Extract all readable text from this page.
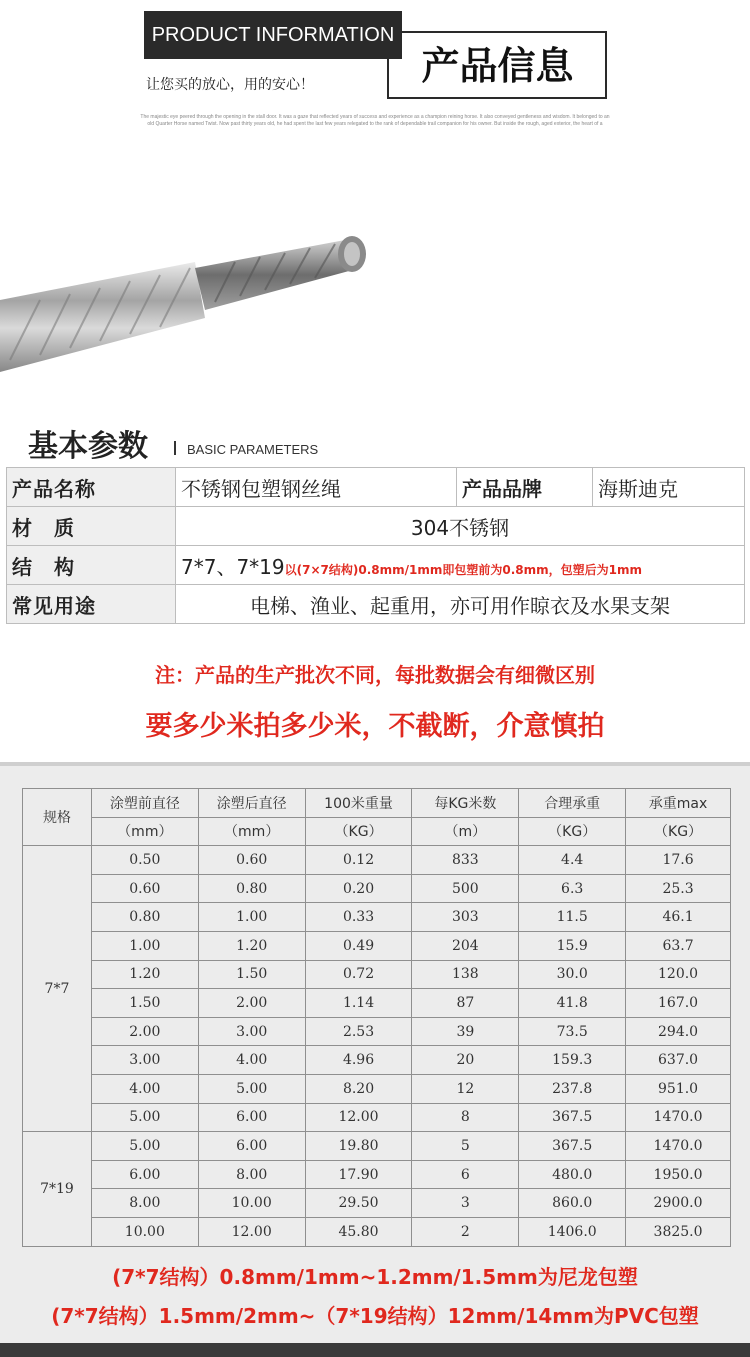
PRODUCT INFORMATION
产品信息
让您买的放心，用的安心！
The majestic eye peered through the opening in the stall door. It was a gaze that reflected years of success and experience as a champion reining horse. It also conveyed gentleness and wisdom. It belonged to an old Quarter Horse named Twist. Now past thirty years old, he had spent the last few years relegated to the rank of dependable trail companion for his owner. But inside the rough, aged exterior, the heart of a
基本参数	BASIC PARAMETERS
产品名称	不锈钢包塑钢丝绳	产品品牌	海斯迪克
材　质	304不锈钢		
结　构	7*7、7*19以(7×7结构)0.8mm/1mm即包塑前为0.8mm，包塑后为1mm		
常见用途	电梯、渔业、起重用，亦可用作晾衣及水果支架		
注：产品的生产批次不同，每批数据会有细微区别
要多少米拍多少米，不截断，介意慎拍
规格	涂塑前直径	涂塑后直径	100米重量	每KG米数	合理承重	承重max
	（mm）	（mm）	（KG）	（m）	（KG）	（KG）
7*7	0.50	0.60	0.12	833	4.4	17.6
	0.60	0.80	0.20	500	6.3	25.3
	0.80	1.00	0.33	303	11.5	46.1
	1.00	1.20	0.49	204	15.9	63.7
	1.20	1.50	0.72	138	30.0	120.0
	1.50	2.00	1.14	87	41.8	167.0
	2.00	3.00	2.53	39	73.5	294.0
	3.00	4.00	4.96	20	159.3	637.0
	4.00	5.00	8.20	12	237.8	951.0
	5.00	6.00	12.00	8	367.5	1470.0
7*19	5.00	6.00	19.80	5	367.5	1470.0
	6.00	8.00	17.90	6	480.0	1950.0
	8.00	10.00	29.50	3	860.0	2900.0
	10.00	12.00	45.80	2	1406.0	3825.0
(7*7结构）0.8mm/1mm~1.2mm/1.5mm为尼龙包塑
(7*7结构）1.5mm/2mm~（7*19结构）12mm/14mm为PVC包塑
